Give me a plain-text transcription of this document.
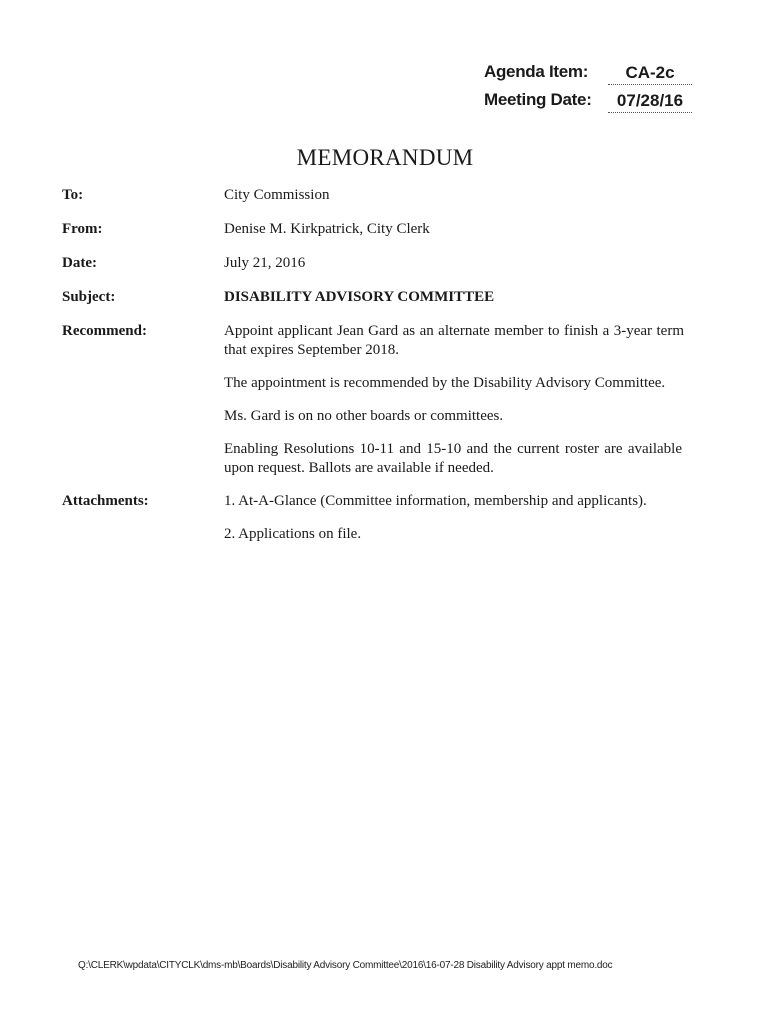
Agenda Item:	CA-2c
Meeting Date:	07/28/16
MEMORANDUM
To:	City Commission
From:	Denise M. Kirkpatrick, City Clerk
Date:	July 21, 2016
Subject:	DISABILITY ADVISORY COMMITTEE
Recommend:	Appoint applicant Jean Gard as an alternate member to finish a 3-year term that expires September 2018.
The appointment is recommended by the Disability Advisory Committee.
Ms. Gard is on no other boards or committees.
Enabling Resolutions 10-11 and 15-10 and the current roster are available upon request. Ballots are available if needed.
Attachments:	1. At-A-Glance (Committee information, membership and applicants).
2. Applications on file.
Q:\CLERK\wpdata\CITYCLK\dms-mb\Boards\Disability Advisory Committee\2016\16-07-28 Disability Advisory appt memo.doc
